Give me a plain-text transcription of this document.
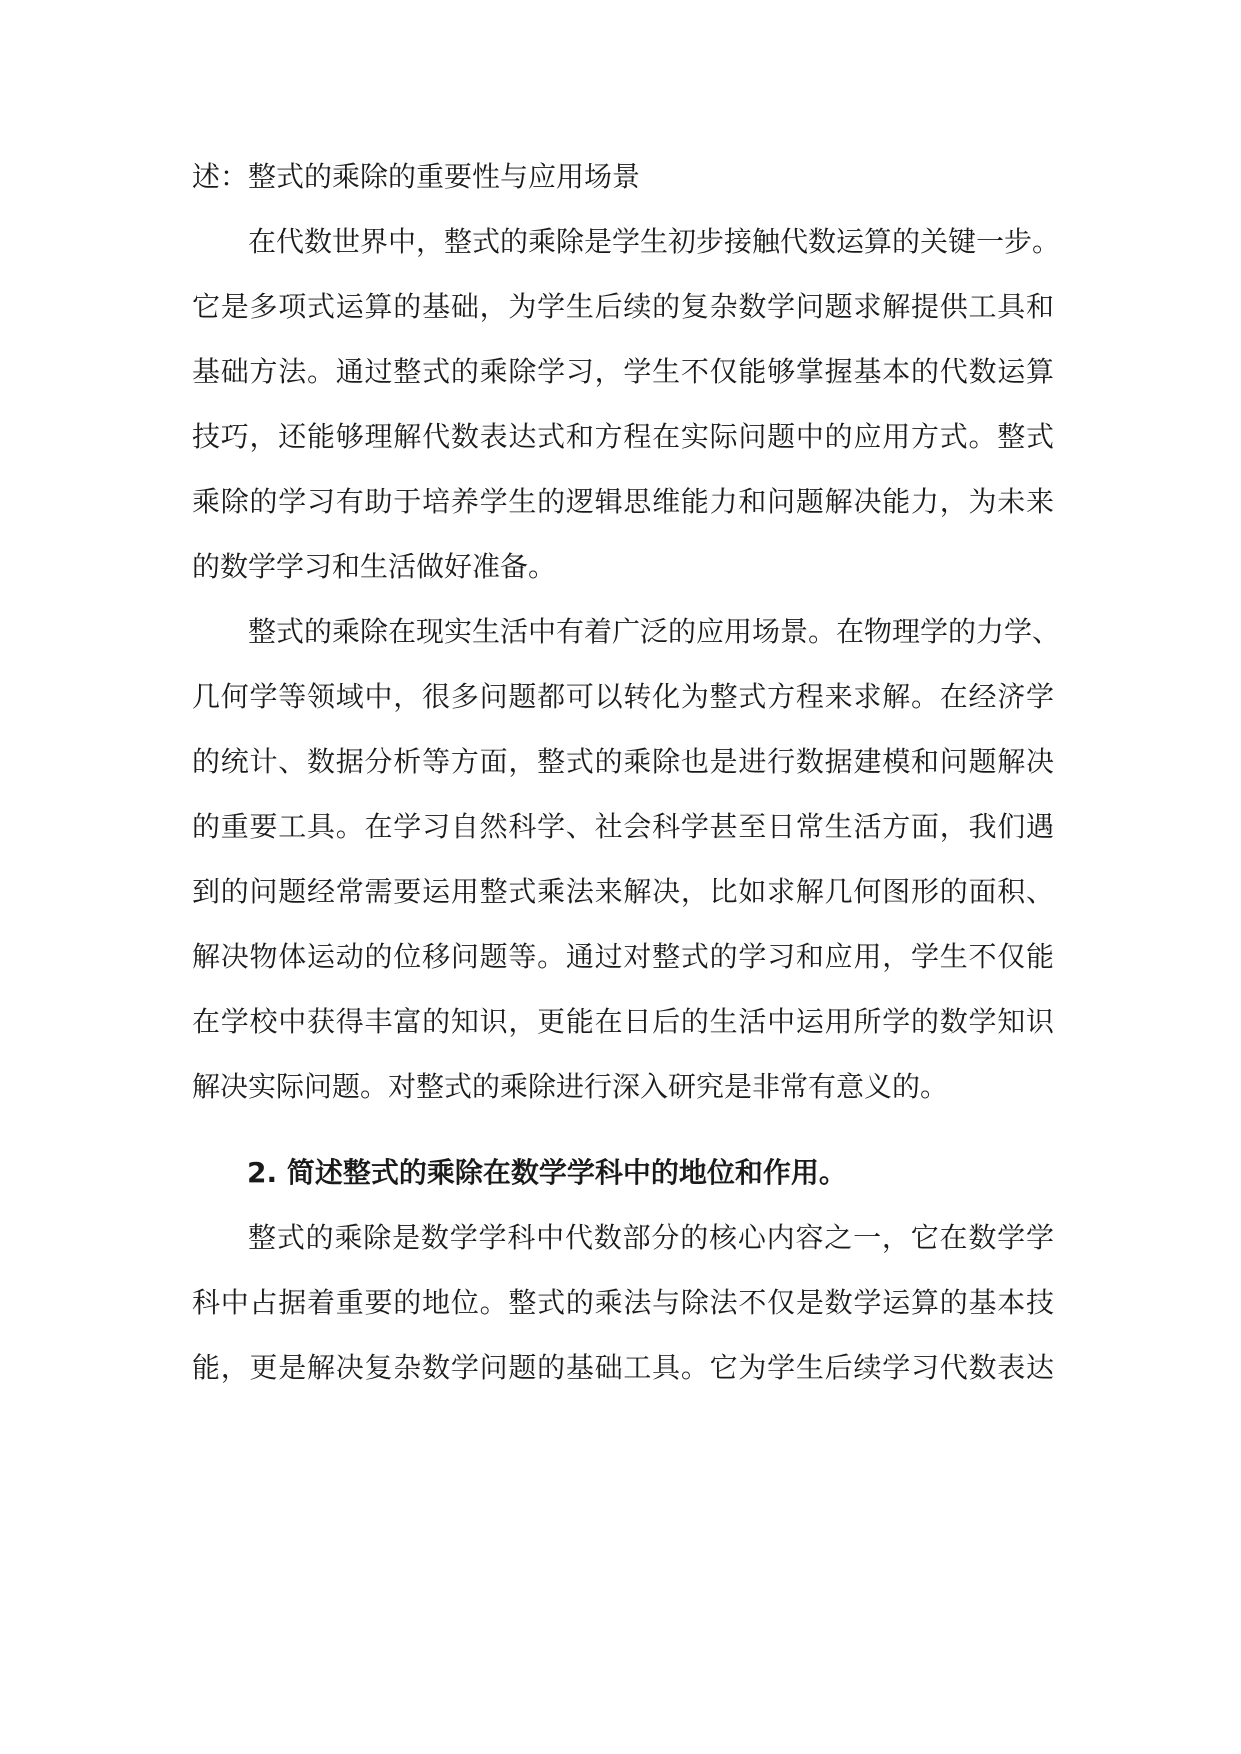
述：整式的乘除的重要性与应用场景
在代数世界中，整式的乘除是学生初步接触代数运算的关键一步。
它是多项式运算的基础，为学生后续的复杂数学问题求解提供工具和
基础方法。通过整式的乘除学习，学生不仅能够掌握基本的代数运算
技巧，还能够理解代数表达式和方程在实际问题中的应用方式。整式
乘除的学习有助于培养学生的逻辑思维能力和问题解决能力，为未来
的数学学习和生活做好准备。
整式的乘除在现实生活中有着广泛的应用场景。在物理学的力学、
几何学等领域中，很多问题都可以转化为整式方程来求解。在经济学
的统计、数据分析等方面，整式的乘除也是进行数据建模和问题解决
的重要工具。在学习自然科学、社会科学甚至日常生活方面，我们遇
到的问题经常需要运用整式乘法来解决，比如求解几何图形的面积、
解决物体运动的位移问题等。通过对整式的学习和应用，学生不仅能
在学校中获得丰富的知识，更能在日后的生活中运用所学的数学知识
解决实际问题。对整式的乘除进行深入研究是非常有意义的。
2. 简述整式的乘除在数学学科中的地位和作用。
整式的乘除是数学学科中代数部分的核心内容之一，它在数学学
科中占据着重要的地位。整式的乘法与除法不仅是数学运算的基本技
能，更是解决复杂数学问题的基础工具。它为学生后续学习代数表达
